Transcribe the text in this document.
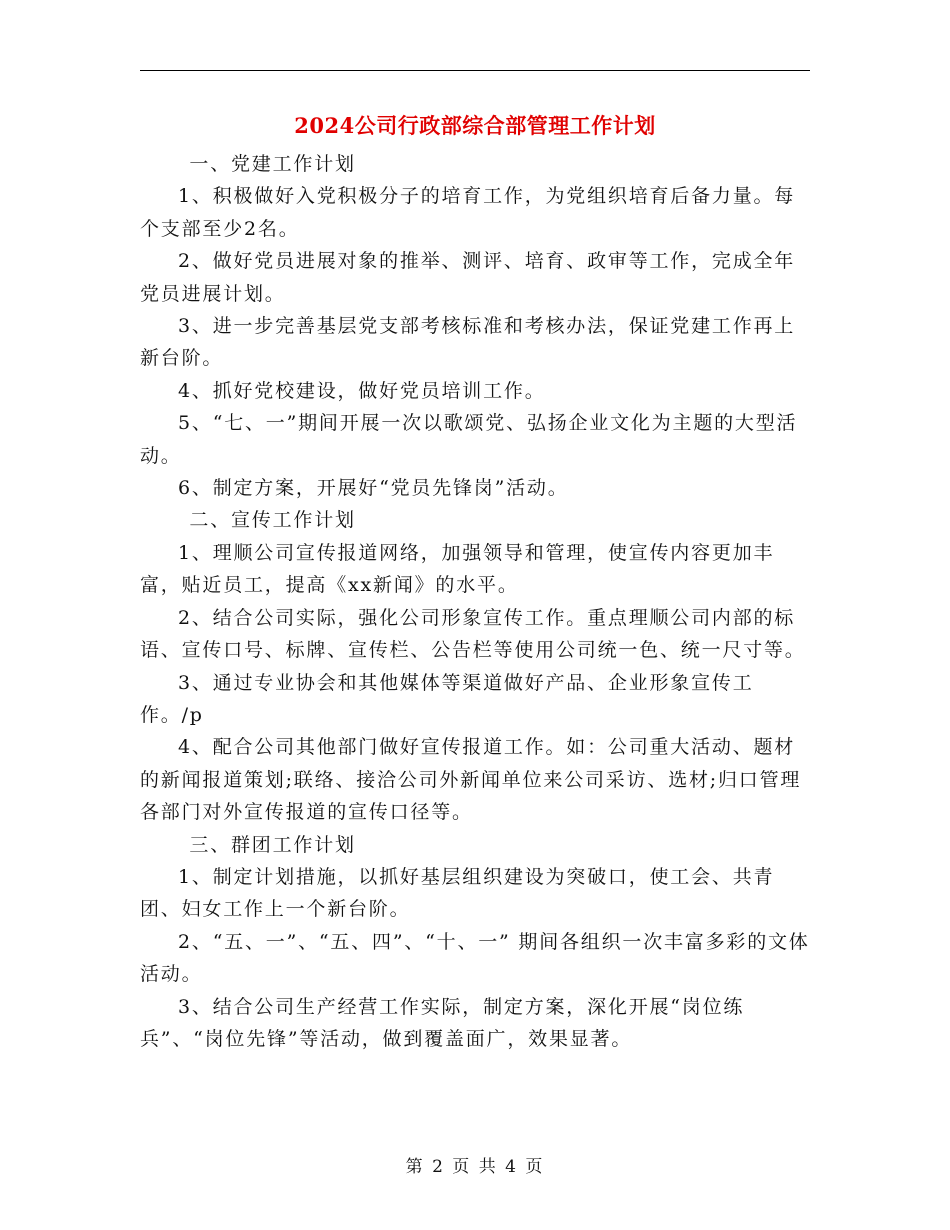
2024公司行政部综合部管理工作计划

一、党建工作计划

1、积极做好入党积极分子的培育工作，为党组织培育后备力量。每个支部至少2名。

2、做好党员进展对象的推举、测评、培育、政审等工作，完成全年党员进展计划。

3、进一步完善基层党支部考核标准和考核办法，保证党建工作再上新台阶。

4、抓好党校建设，做好党员培训工作。

5、“七、一”期间开展一次以歌颂党、弘扬企业文化为主题的大型活动。

6、制定方案，开展好“党员先锋岗”活动。

二、宣传工作计划

1、理顺公司宣传报道网络，加强领导和管理，使宣传内容更加丰富，贴近员工，提高《xx新闻》的水平。

2、结合公司实际，强化公司形象宣传工作。重点理顺公司内部的标语、宣传口号、标牌、宣传栏、公告栏等使用公司统一色、统一尺寸等。

3、通过专业协会和其他媒体等渠道做好产品、企业形象宣传工作。/p

4、配合公司其他部门做好宣传报道工作。如：公司重大活动、题材的新闻报道策划;联络、接洽公司外新闻单位来公司采访、选材;归口管理各部门对外宣传报道的宣传口径等。

三、群团工作计划

1、制定计划措施，以抓好基层组织建设为突破口，使工会、共青团、妇女工作上一个新台阶。

2、“五、一”、“五、四”、“十、一” 期间各组织一次丰富多彩的文体活动。

3、结合公司生产经营工作实际，制定方案，深化开展“岗位练兵”、“岗位先锋”等活动，做到覆盖面广，效果显著。

第 2 页 共 4 页
